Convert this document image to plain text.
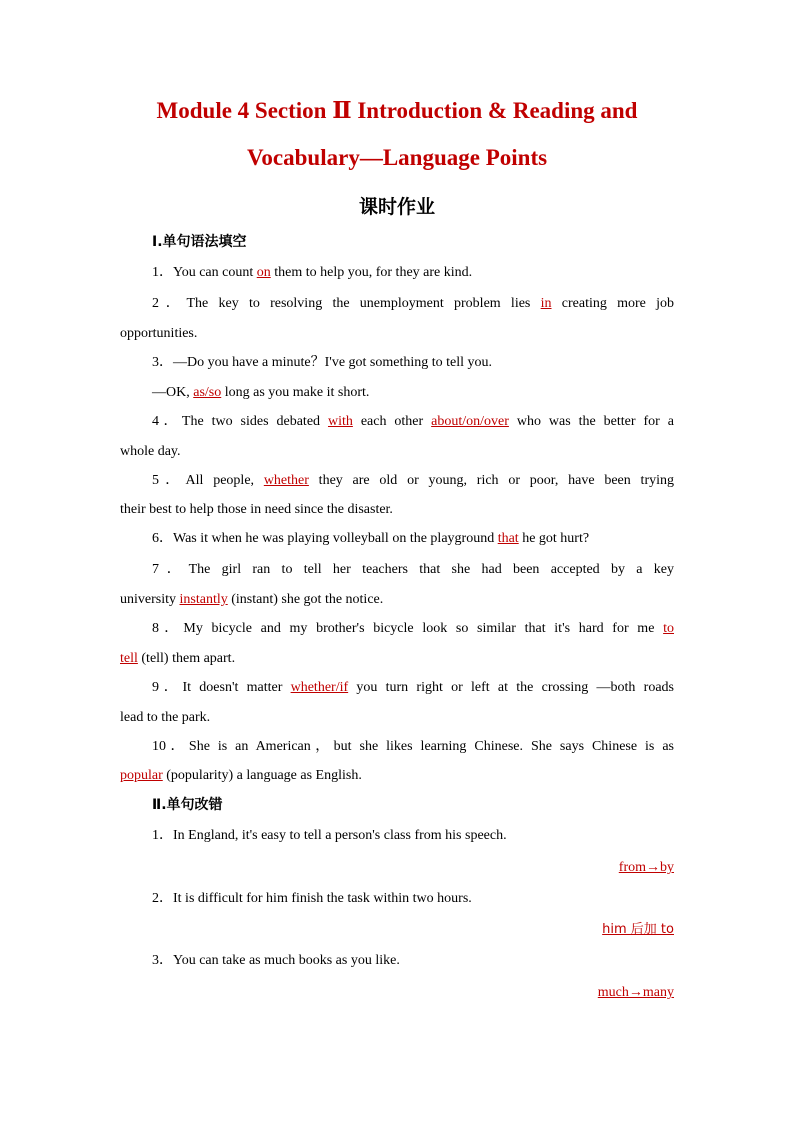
Module 4 Section Ⅱ Introduction & Reading and
Vocabulary—Language Points
课时作业
Ⅰ.单句语法填空
1．You can count on them to help you, for they are kind.
2．The key to resolving the unemployment problem lies in creating more job
opportunities.
3．—Do you have a minute？I've got something to tell you.
—OK, as/so long as you make it short.
4．The two sides debated with each other about/on/over who was the better for a
whole day.
5．All people, whether they are old or young, rich or poor, have been trying
their best to help those in need since the disaster.
6．Was it when he was playing volleyball on the playground that he got hurt?
7．The girl ran to tell her teachers that she had been accepted by a key
university instantly (instant) she got the notice.
8．My bicycle and my brother's bicycle look so similar that it's hard for me to
tell (tell) them apart.
9．It doesn't matter whether/if you turn right or left at the crossing —both roads
lead to the park.
10．She is an American，but she likes learning Chinese. She says Chinese is as
popular (popularity) a language as English.
Ⅱ.单句改错
1．In England, it's easy to tell a person's class from his speech.
from→by
2．It is difficult for him finish the task within two hours.
him 后加 to
3．You can take as much books as you like.
much→many
